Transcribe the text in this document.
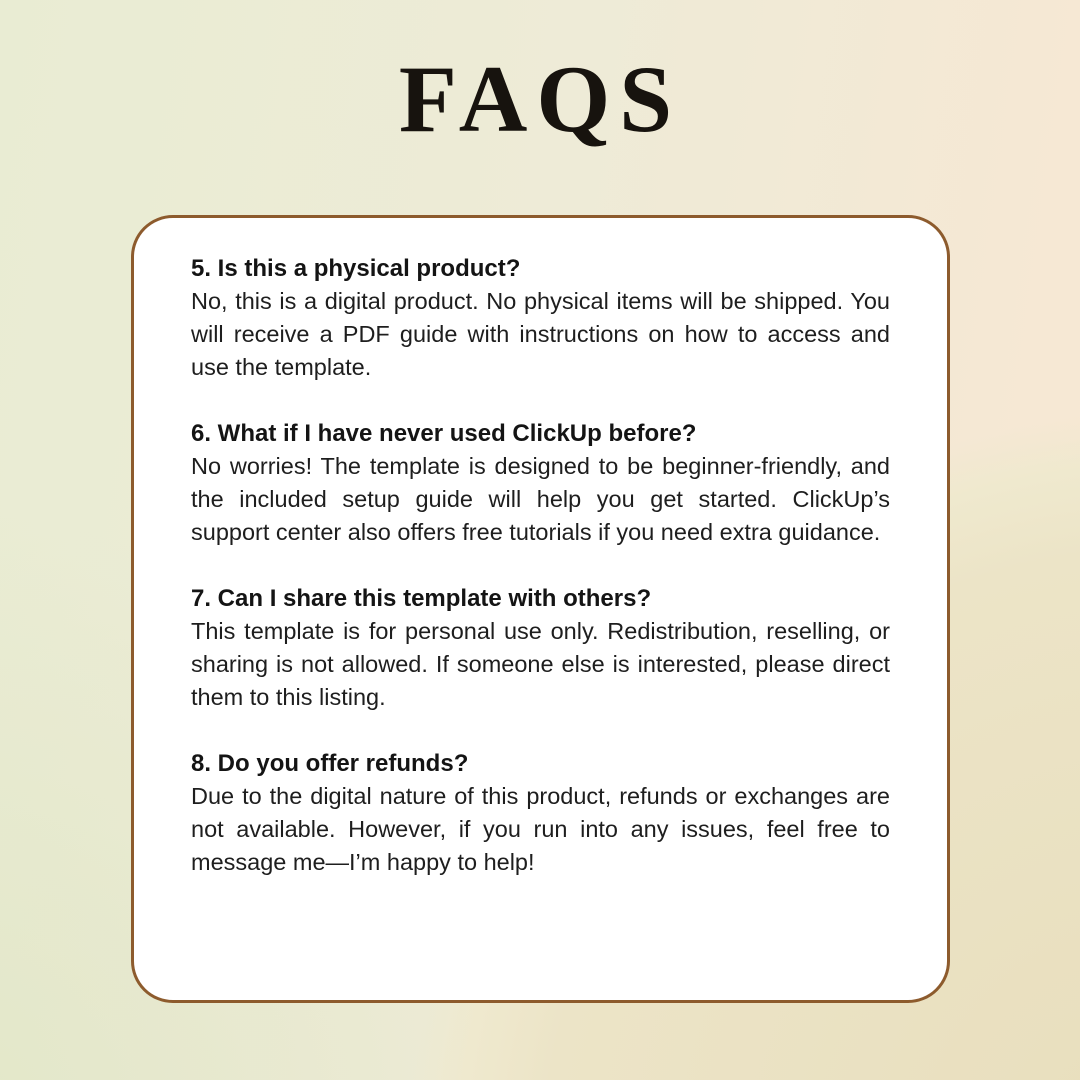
FAQS

5. Is this a physical product?

No, this is a digital product. No physical items will be shipped. You will receive a PDF guide with instructions on how to access and use the template.

6. What if I have never used ClickUp before?

No worries! The template is designed to be beginner-friendly, and the included setup guide will help you get started. ClickUp’s support center also offers free tutorials if you need extra guidance.

7. Can I share this template with others?

This template is for personal use only. Redistribution, reselling, or sharing is not allowed. If someone else is interested, please direct them to this listing.

8. Do you offer refunds?

Due to the digital nature of this product, refunds or exchanges are not available. However, if you run into any issues, feel free to message me—I’m happy to help!
